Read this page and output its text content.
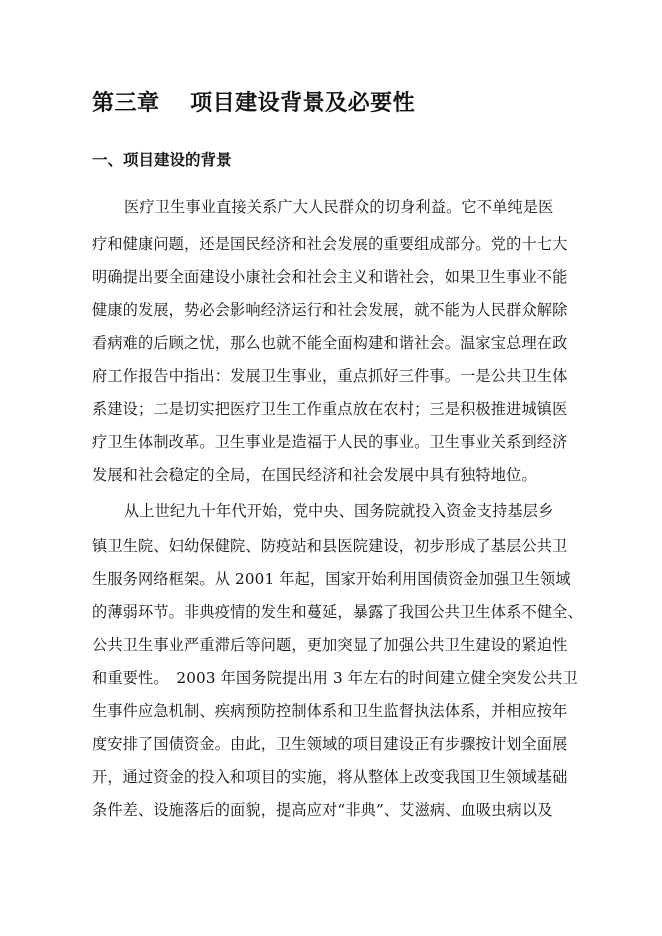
第三章　 项目建设背景及必要性
一、项目建设的背景
医疗卫生事业直接关系广大人民群众的切身利益。它不单纯是医
疗和健康问题，还是国民经济和社会发展的重要组成部分。党的十七大
明确提出要全面建设小康社会和社会主义和谐社会，如果卫生事业不能
健康的发展，势必会影响经济运行和社会发展，就不能为人民群众解除
看病难的后顾之忧，那么也就不能全面构建和谐社会。温家宝总理在政
府工作报告中指出：发展卫生事业，重点抓好三件事。一是公共卫生体
系建设；二是切实把医疗卫生工作重点放在农村；三是积极推进城镇医
疗卫生体制改革。卫生事业是造福于人民的事业。卫生事业关系到经济
发展和社会稳定的全局，在国民经济和社会发展中具有独特地位。
从上世纪九十年代开始，党中央、国务院就投入资金支持基层乡
镇卫生院、妇幼保健院、防疫站和县医院建设，初步形成了基层公共卫
生服务网络框架。从 2001 年起，国家开始利用国债资金加强卫生领域
的薄弱环节。非典疫情的发生和蔓延，暴露了我国公共卫生体系不健全、
公共卫生事业严重滞后等问题，更加突显了加强公共卫生建设的紧迫性
和重要性。　2003 年国务院提出用 3 年左右的时间建立健全突发公共卫
生事件应急机制、疾病预防控制体系和卫生监督执法体系，并相应按年
度安排了国债资金。由此，卫生领域的项目建设正有步骤按计划全面展
开，通过资金的投入和项目的实施，将从整体上改变我国卫生领域基础
条件差、设施落后的面貌，提高应对“非典”、艾滋病、血吸虫病以及
